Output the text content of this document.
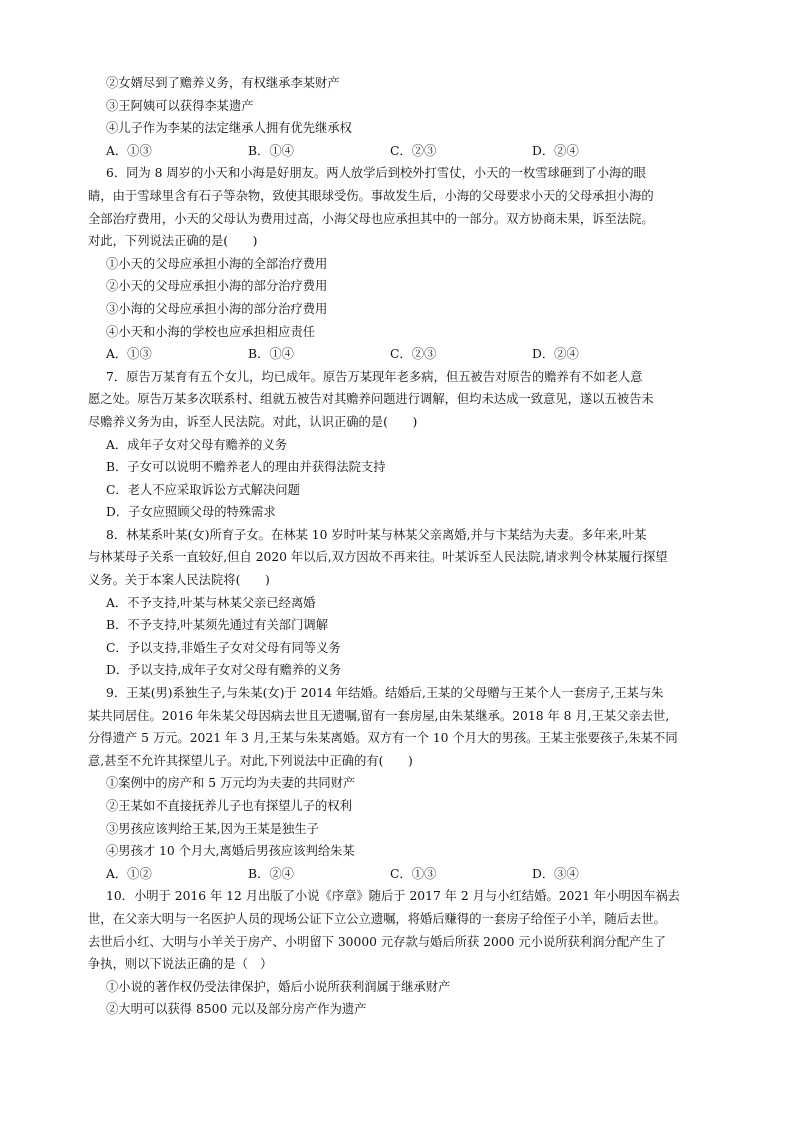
②女婿尽到了赡养义务，有权继承李某财产
③王阿姨可以获得李某遗产
④儿子作为李某的法定继承人拥有优先继承权
A．①③	B．①④	C．②③	D．②④
6．同为 8 周岁的小天和小海是好朋友。两人放学后到校外打雪仗，小天的一枚雪球砸到了小海的眼
睛，由于雪球里含有石子等杂物，致使其眼球受伤。事故发生后，小海的父母要求小天的父母承担小海的
全部治疗费用，小天的父母认为费用过高，小海父母也应承担其中的一部分。双方协商未果，诉至法院。
对此，下列说法正确的是(　　)
①小天的父母应承担小海的全部治疗费用
②小天的父母应承担小海的部分治疗费用
③小海的父母应承担小海的部分治疗费用
④小天和小海的学校也应承担相应责任
A．①③	B．①④	C．②③	D．②④
7．原告万某育有五个女儿，均已成年。原告万某现年老多病，但五被告对原告的赡养有不如老人意
愿之处。原告万某多次联系村、组就五被告对其赡养问题进行调解，但均未达成一致意见，遂以五被告未
尽赡养义务为由，诉至人民法院。对此，认识正确的是(　　)
A．成年子女对父母有赡养的义务
B．子女可以说明不赡养老人的理由并获得法院支持
C．老人不应采取诉讼方式解决问题
D．子女应照顾父母的特殊需求
8．林某系叶某(女)所育子女。在林某 10 岁时叶某与林某父亲离婚,并与卞某结为夫妻。多年来,叶某
与林某母子关系一直较好,但自 2020 年以后,双方因故不再来往。叶某诉至人民法院,请求判令林某履行探望
义务。关于本案人民法院将(　　)
A．不予支持,叶某与林某父亲已经离婚
B．不予支持,叶某须先通过有关部门调解
C．予以支持,非婚生子女对父母有同等义务
D．予以支持,成年子女对父母有赡养的义务
9．王某(男)系独生子,与朱某(女)于 2014 年结婚。结婚后,王某的父母赠与王某个人一套房子,王某与朱
某共同居住。2016 年朱某父母因病去世且无遗嘱,留有一套房屋,由朱某继承。2018 年 8 月,王某父亲去世,
分得遗产 5 万元。2021 年 3 月,王某与朱某离婚。双方有一个 10 个月大的男孩。王某主张要孩子,朱某不同
意,甚至不允许其探望儿子。对此,下列说法中正确的有(　　)
①案例中的房产和 5 万元均为夫妻的共同财产
②王某如不直接抚养儿子也有探望儿子的权利
③男孩应该判给王某,因为王某是独生子
④男孩才 10 个月大,离婚后男孩应该判给朱某
A．①②	B．②④	C．①③	D．③④
10．小明于 2016 年 12 月出版了小说《序章》随后于 2017 年 2 月与小红结婚。2021 年小明因车祸去
世，在父亲大明与一名医护人员的现场公证下立公立遗嘱，将婚后赚得的一套房子给侄子小羊，随后去世。
去世后小红、大明与小羊关于房产、小明留下 30000 元存款与婚后所获 2000 元小说所获利润分配产生了
争执，则以下说法正确的是（　）
①小说的著作权仍受法律保护，婚后小说所获利润属于继承财产
②大明可以获得 8500 元以及部分房产作为遗产
